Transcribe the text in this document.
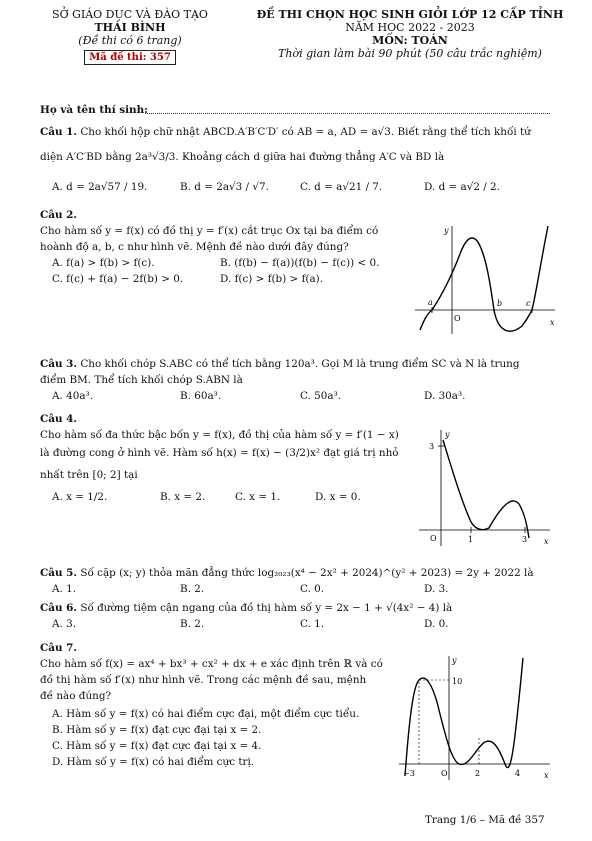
SỞ GIÁO DỤC VÀ ĐÀO TẠO
THÁI BÌNH
(Đề thi có 6 trang)
Mã đề thi: 357
ĐỀ THI CHỌN HỌC SINH GIỎI LỚP 12 CẤP TỈNH
NĂM HỌC 2022 - 2023
MÔN: TOÁN
Thời gian làm bài 90 phút (50 câu trắc nghiệm)
Họ và tên thí sinh:
Câu 1. Cho khối hộp chữ nhật ABCD.A′B′C′D′ có AB = a, AD = a√3. Biết rằng thể tích khối tứ
diện A′C′BD bằng 2a³√3/3. Khoảng cách d giữa hai đường thẳng A′C và BD là
A. d = 2a√57 / 19.	B. d = 2a√3 / √7.	C. d = a√21 / 7.	D. d = a√2 / 2.
Câu 2.
Cho hàm số y = f(x) có đồ thị y = f′(x) cắt trục Ox tại ba điểm có
hoành độ a, b, c như hình vẽ. Mệnh đề nào dưới đây đúng?
A. f(a) > f(b) > f(c).	B. (f(b) − f(a))(f(b) − f(c)) < 0.
C. f(c) + f(a) − 2f(b) > 0.	D. f(c) > f(b) > f(a).
y
x
a
O
b	c
Câu 3. Cho khối chóp S.ABC có thể tích bằng 120a³. Gọi M là trung điểm SC và N là trung
điểm BM. Thể tích khối chóp S.ABN là
A. 40a³.	B. 60a³.	C. 50a³.	D. 30a³.
Câu 4.
Cho hàm số đa thức bậc bốn y = f(x), đồ thị của hàm số y = f′(1 − x)
là đường cong ở hình vẽ. Hàm số h(x) = f(x) − (3/2)x² đạt giá trị nhỏ
nhất trên [0; 2] tại
A. x = 1/2.	B. x = 2.	C. x = 1.	D. x = 0.
y
x
3
O	1	3
Câu 5. Số cặp (x; y) thỏa mãn đẳng thức log₂₀₂₃(x⁴ − 2x² + 2024)^(y² + 2023) = 2y + 2022 là
A. 1.	B. 2.	C. 0.	D. 3.
Câu 6. Số đường tiệm cận ngang của đồ thị hàm số y = 2x − 1 + √(4x² − 4) là
A. 3.	B. 2.	C. 1.	D. 0.
Câu 7.
Cho hàm số f(x) = ax⁴ + bx³ + cx² + dx + e xác định trên ℝ và có
đồ thị hàm số f′(x) như hình vẽ. Trong các mệnh đề sau, mệnh
đề nào đúng?
A. Hàm số y = f(x) có hai điểm cực đại, một điểm cực tiểu.
B. Hàm số y = f(x) đạt cực đại tại x = 2.
C. Hàm số y = f(x) đạt cực đại tại x = 4.
D. Hàm số y = f(x) có hai điểm cực trị.
y
x
10
−3	O	2	4
Trang 1/6 – Mã đề 357
